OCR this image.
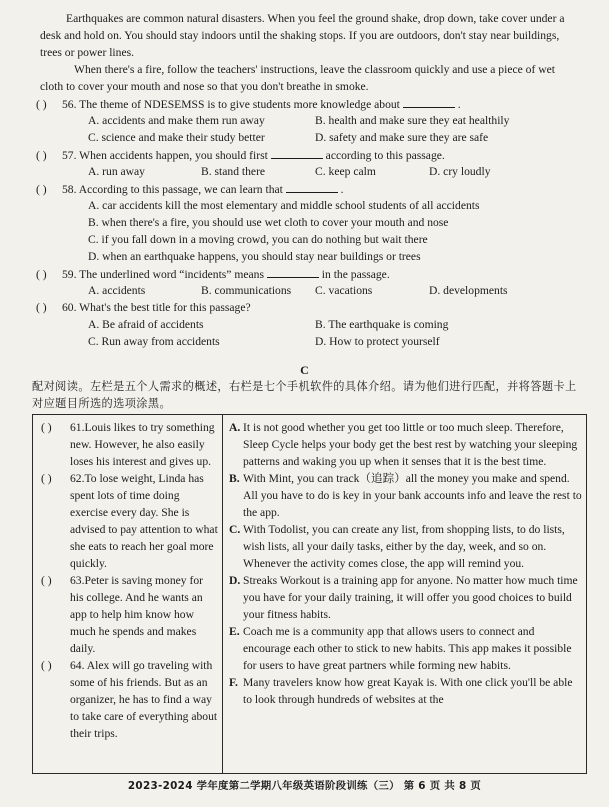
Earthquakes are common natural disasters. When you feel the ground shake, drop down, take cover under a desk and hold on. You should stay indoors until the shaking stops. If you are outdoors, don't stay near buildings, trees or power lines.

When there's a fire, follow the teachers' instructions, leave the classroom quickly and use a piece of wet cloth to cover your mouth and nose so that you don't breathe in smoke.

( ) 56. The theme of NDESEMSS is to give students more knowledge about	.
A. accidents and make them run away	B. health and make sure they eat healthily
C. science and make their study better	D. safety and make sure they are safe
( ) 57. When accidents happen, you should first	according to this passage.
A. run away	B. stand there	C. keep calm	D. cry loudly
( ) 58. According to this passage, we can learn that	.
A. car accidents kill the most elementary and middle school students of all accidents
B. when there's a fire, you should use wet cloth to cover your mouth and nose
C. if you fall down in a moving crowd, you can do nothing but wait there
D. when an earthquake happens, you should stay near buildings or trees
( ) 59. The underlined word “incidents” means	in the passage.
A. accidents	B. communications C. vacations	D. developments
( ) 60. What's the best title for this passage?
A. Be afraid of accidents	B. The earthquake is coming
C. Run away from accidents	D. How to protect yourself
C
配对阅读。左栏是五个人需求的概述，右栏是七个手机软件的具体介绍。请为他们进行匹配，并将答题卡上对应题目所选的选项涂黑。
( ) 61.Louis likes to try something new. However, he also easily loses his interest and gives up.
( ) 62.To lose weight, Linda has spent lots of time doing exercise every day. She is advised to pay attention to what she eats to reach her goal more quickly.
( ) 63.Peter is saving money for his college. And he wants an app to help him know how much he spends and makes daily.
( ) 64. Alex will go traveling with some of his friends. But as an organizer, he has to find a way to take care of everything about their trips.
A. It is not good whether you get too little or too much sleep. Therefore, Sleep Cycle helps your body get the best rest by watching your sleeping patterns and waking you up when it senses that it is the best time.
B. With Mint, you can track（追踪）all the money you make and spend. All you have to do is key in your bank accounts info and leave the rest to the app.
C. With Todolist, you can create any list, from shopping lists, to do lists, wish lists, all your daily tasks, either by the day, week, and so on. Whenever the activity comes close, the app will remind you.
D. Streaks Workout is a training app for anyone. No matter how much time you have for your daily training, it will offer you good choices to build your fitness habits.
E. Coach me is a community app that allows users to connect and encourage each other to stick to new habits. This app makes it possible for users to have great partners while forming new habits.
F. Many travelers know how great Kayak is. With one click you'll be able to look through hundreds of websites at the
2023-2024 学年度第二学期八年级英语阶段训练（三） 第 6 页 共 8 页
